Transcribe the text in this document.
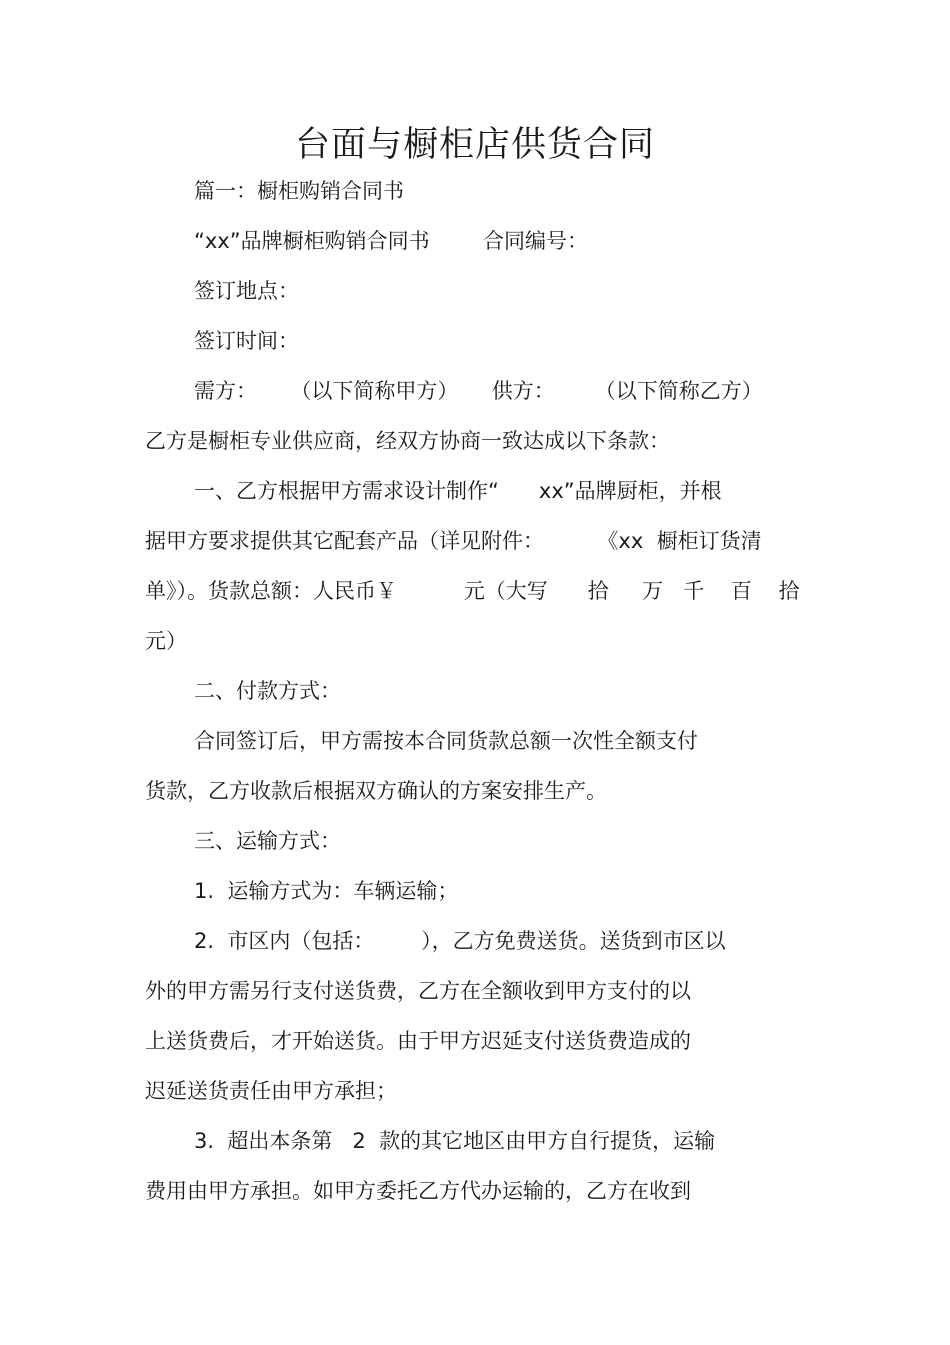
台面与橱柜店供货合同

篇一：橱柜购销合同书

“xx”品牌橱柜购销合同书        合同编号：

签订地点：

签订时间：

需方：     （以下简称甲方）     供方：      （以下简称乙方）

乙方是橱柜专业供应商，经双方协商一致达成以下条款：

一、乙方根据甲方需求设计制作“      xx”品牌厨柜，并根

据甲方要求提供其它配套产品（详见附件：        《xx  橱柜订货清

单》）。货款总额：人民币￥          元（大写      拾     万   千    百    拾

元）

二、付款方式：

合同签订后，甲方需按本合同货款总额一次性全额支付

货款，乙方收款后根据双方确认的方案安排生产。

三、运输方式：

1.  运输方式为：车辆运输；

2.  市区内（包括：       ），乙方免费送货。送货到市区以

外的甲方需另行支付送货费，乙方在全额收到甲方支付的以

上送货费后，才开始送货。由于甲方迟延支付送货费造成的

迟延送货责任由甲方承担；

3.  超出本条第   2  款的其它地区由甲方自行提货，运输

费用由甲方承担。如甲方委托乙方代办运输的，乙方在收到
